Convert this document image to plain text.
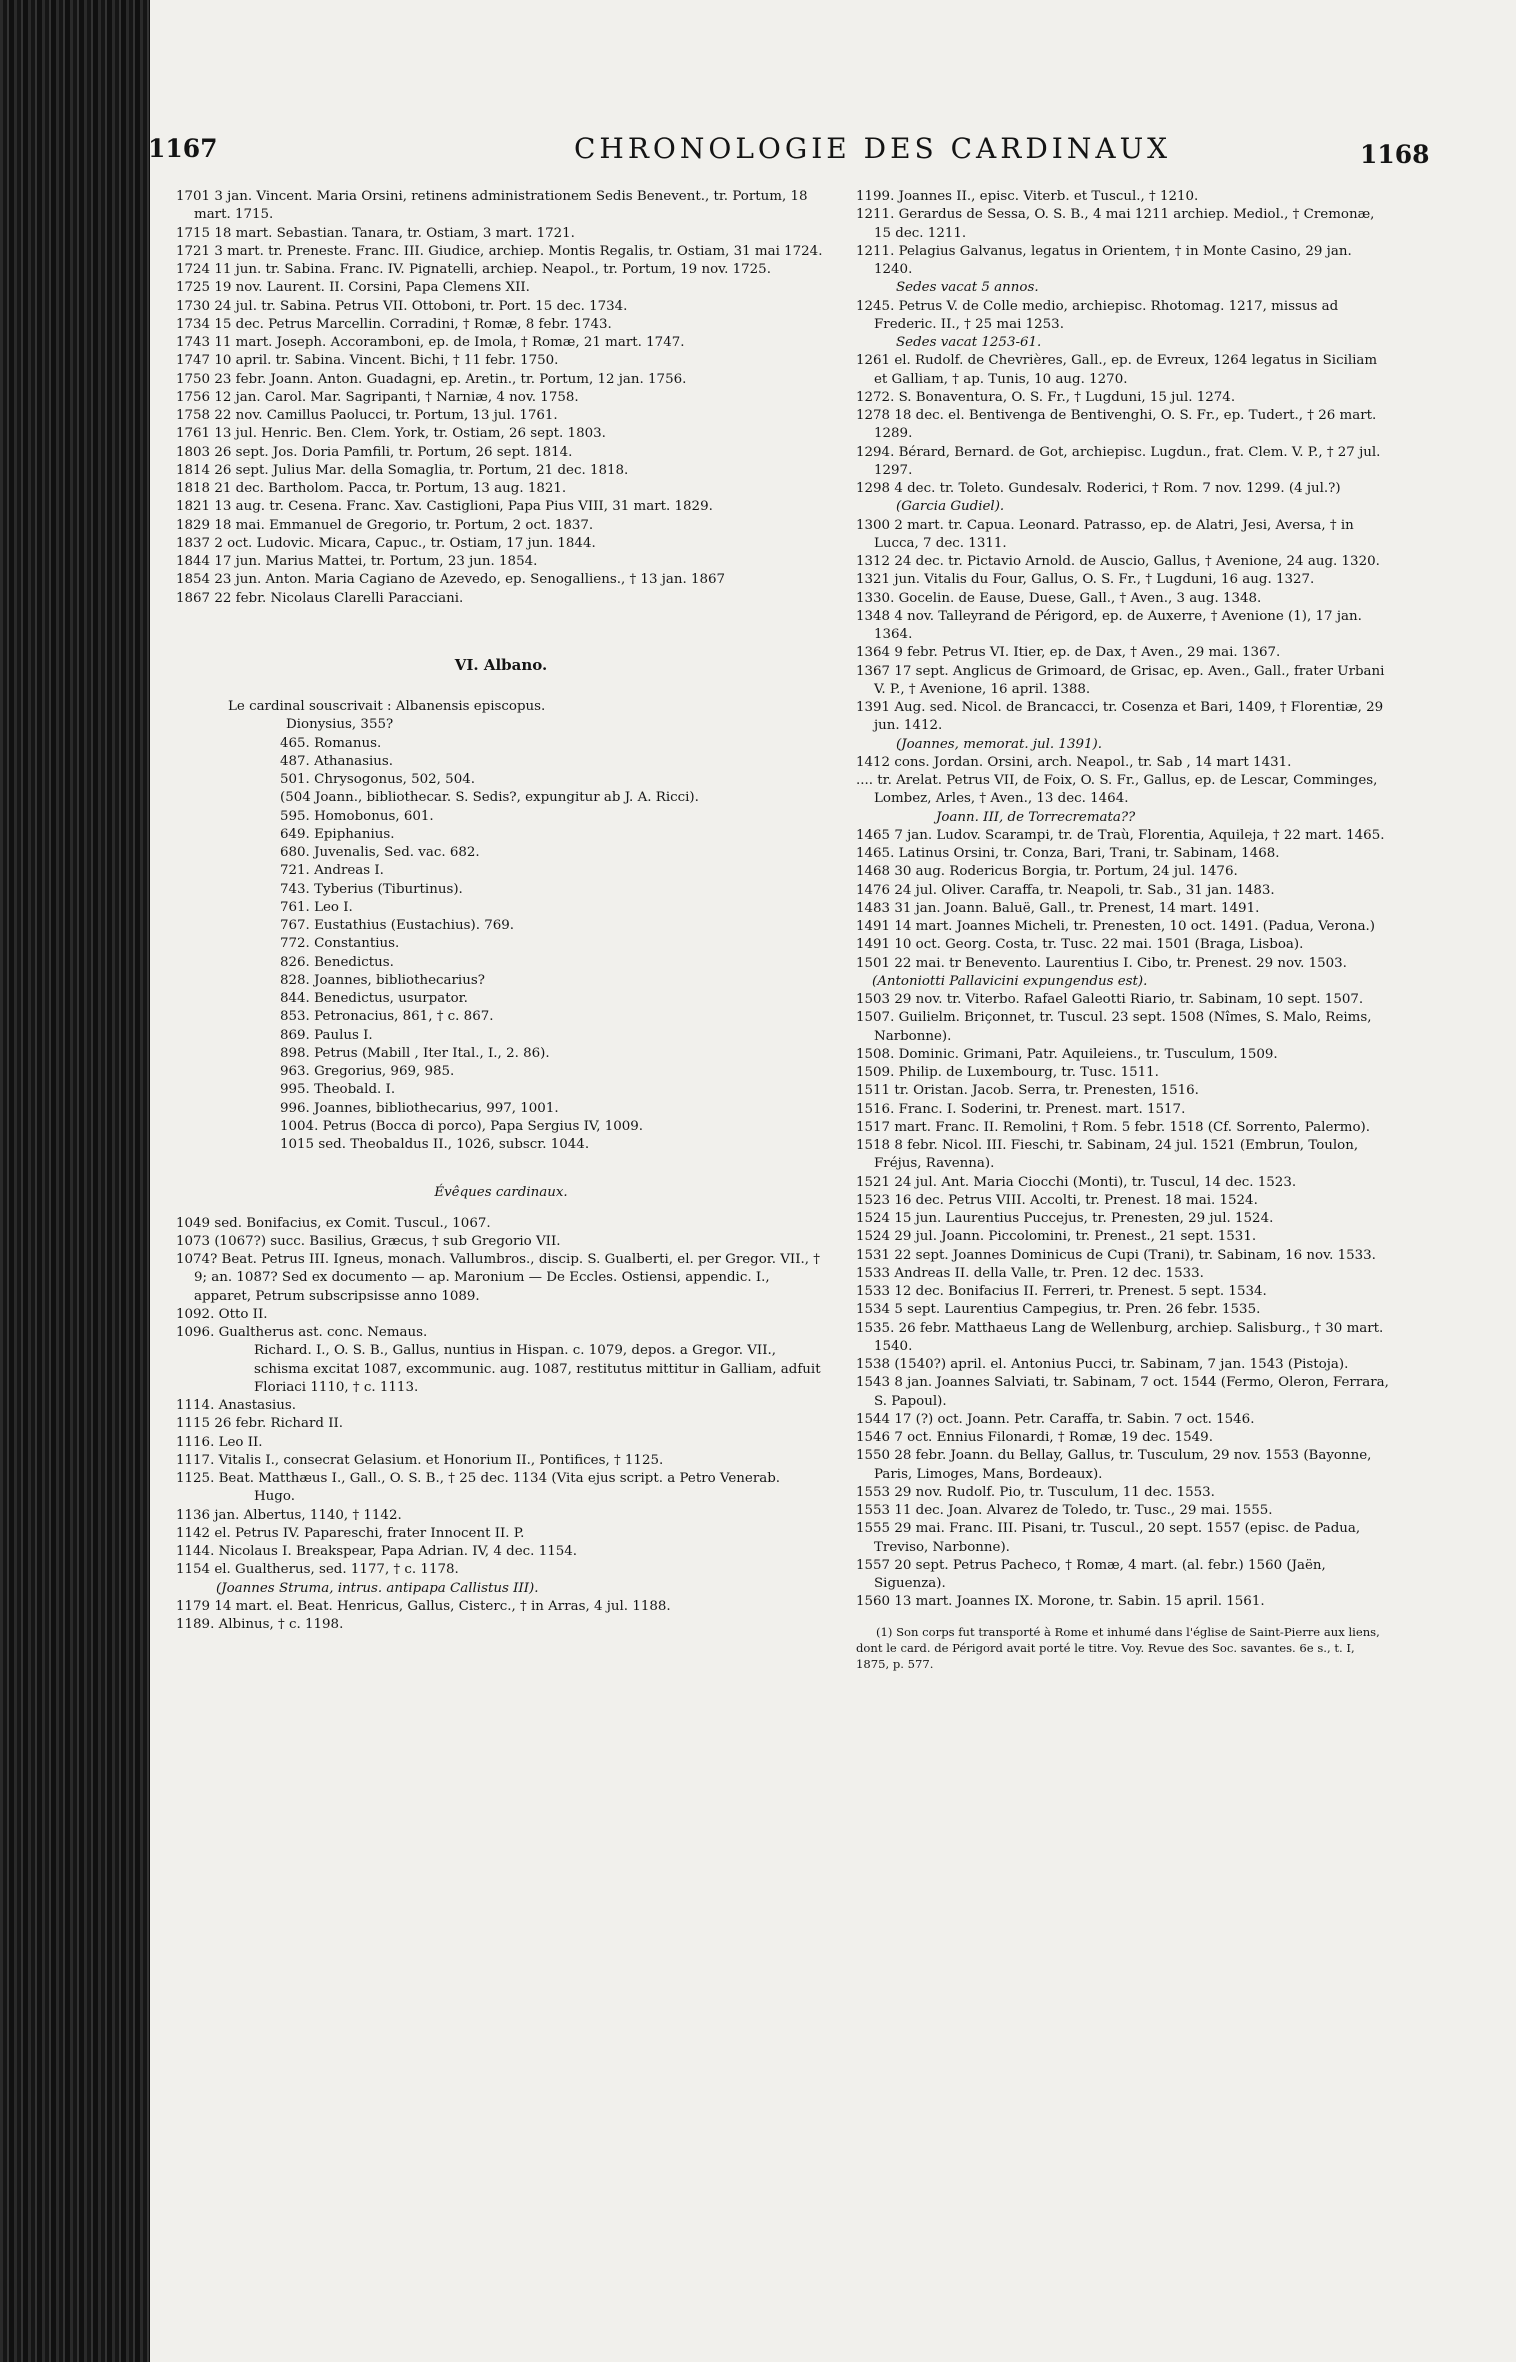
1167	CHRONOLOGIE DES CARDINAUX	1168

1701 3 jan. Vincent. Maria Orsini, retinens administrationem Sedis Benevent., tr. Portum, 18 mart. 1715.

1715 18 mart. Sebastian. Tanara, tr. Ostiam, 3 mart. 1721.

1721 3 mart. tr. Preneste. Franc. III. Giudice, archiep. Montis Regalis, tr. Ostiam, 31 mai 1724.

1724 11 jun. tr. Sabina. Franc. IV. Pignatelli, archiep. Neapol., tr. Portum, 19 nov. 1725.

1725 19 nov. Laurent. II. Corsini, Papa Clemens XII.

1730 24 jul. tr. Sabina. Petrus VII. Ottoboni, tr. Port. 15 dec. 1734.

1734 15 dec. Petrus Marcellin. Corradini, † Romæ, 8 febr. 1743.

1743 11 mart. Joseph. Accoramboni, ep. de Imola, † Romæ, 21 mart. 1747.

1747 10 april. tr. Sabina. Vincent. Bichi, † 11 febr. 1750.

1750 23 febr. Joann. Anton. Guadagni, ep. Aretin., tr. Portum, 12 jan. 1756.

1756 12 jan. Carol. Mar. Sagripanti, † Narniæ, 4 nov. 1758.

1758 22 nov. Camillus Paolucci, tr. Portum, 13 jul. 1761.

1761 13 jul. Henric. Ben. Clem. York, tr. Ostiam, 26 sept. 1803.

1803 26 sept. Jos. Doria Pamfili, tr. Portum, 26 sept. 1814.

1814 26 sept. Julius Mar. della Somaglia, tr. Portum, 21 dec. 1818.

1818 21 dec. Bartholom. Pacca, tr. Portum, 13 aug. 1821.

1821 13 aug. tr. Cesena. Franc. Xav. Castiglioni, Papa Pius VIII, 31 mart. 1829.

1829 18 mai. Emmanuel de Gregorio, tr. Portum, 2 oct. 1837.

1837 2 oct. Ludovic. Micara, Capuc., tr. Ostiam, 17 jun. 1844.

1844 17 jun. Marius Mattei, tr. Portum, 23 jun. 1854.

1854 23 jun. Anton. Maria Cagiano de Azevedo, ep. Senogalliens., † 13 jan. 1867

1867 22 febr. Nicolaus Clarelli Paracciani.

VI. Albano.

Le cardinal souscrivait : Albanensis episcopus.

Dionysius, 355?

465. Romanus.

487. Athanasius.

501. Chrysogonus, 502, 504.

(504 Joann., bibliothecar. S. Sedis?, expungitur ab J. A. Ricci).

595. Homobonus, 601.

649. Epiphanius.

680. Juvenalis, Sed. vac. 682.

721. Andreas I.

743. Tyberius (Tiburtinus).

761. Leo I.

767. Eustathius (Eustachius). 769.

772. Constantius.

826. Benedictus.

828. Joannes, bibliothecarius?

844. Benedictus, usurpator.

853. Petronacius, 861, † c. 867.

869. Paulus I.

898. Petrus (Mabill , Iter Ital., I., 2. 86).

963. Gregorius, 969, 985.

995. Theobald. I.

996. Joannes, bibliothecarius, 997, 1001.

1004. Petrus (Bocca di porco), Papa Sergius IV, 1009.

1015 sed. Theobaldus II., 1026, subscr. 1044.

Évêques cardinaux.

1049 sed. Bonifacius, ex Comit. Tuscul., 1067.

1073 (1067?) succ. Basilius, Græcus, † sub Gregorio VII.

1074? Beat. Petrus III. Igneus, monach. Vallumbros., discip. S. Gualberti, el. per Gregor. VII., † 9; an. 1087? Sed ex documento — ap. Maronium — De Eccles. Ostiensi, appendic. I., apparet, Petrum subscripsisse anno 1089.

1092. Otto II.

1096. Gualtherus ast. conc. Nemaus.

Richard. I., O. S. B., Gallus, nuntius in Hispan. c. 1079, depos. a Gregor. VII., schisma excitat 1087, excommunic. aug. 1087, restitutus mittitur in Galliam, adfuit Floriaci 1110, † c. 1113.

1114. Anastasius.

1115 26 febr. Richard II.

1116. Leo II.

1117. Vitalis I., consecrat Gelasium. et Honorium II., Pontifices, † 1125.

1125. Beat. Matthæus I., Gall., O. S. B., † 25 dec. 1134 (Vita ejus script. a Petro Venerab.

Hugo.

1136 jan. Albertus, 1140, † 1142.

1142 el. Petrus IV. Papareschi, frater Innocent II. P.

1144. Nicolaus I. Breakspear, Papa Adrian. IV, 4 dec. 1154.

1154 el. Gualtherus, sed. 1177, † c. 1178.

(Joannes Struma, intrus. antipapa Callistus III).

1179 14 mart. el. Beat. Henricus, Gallus, Cisterc., † in Arras, 4 jul. 1188.

1189. Albinus, † c. 1198.

1199. Joannes II., episc. Viterb. et Tuscul., † 1210.

1211. Gerardus de Sessa, O. S. B., 4 mai 1211 archiep. Mediol., † Cremonæ, 15 dec. 1211.

1211. Pelagius Galvanus, legatus in Orientem, † in Monte Casino, 29 jan. 1240.

Sedes vacat 5 annos.

1245. Petrus V. de Colle medio, archiepisc. Rhotomag. 1217, missus ad Frederic. II., † 25 mai 1253.

Sedes vacat 1253-61.

1261 el. Rudolf. de Chevrières, Gall., ep. de Evreux, 1264 legatus in Siciliam et Galliam, † ap. Tunis, 10 aug. 1270.

1272. S. Bonaventura, O. S. Fr., † Lugduni, 15 jul. 1274.

1278 18 dec. el. Bentivenga de Bentivenghi, O. S. Fr., ep. Tudert., † 26 mart. 1289.

1294. Bérard, Bernard. de Got, archiepisc. Lugdun., frat. Clem. V. P., † 27 jul. 1297.

1298 4 dec. tr. Toleto. Gundesalv. Roderici, † Rom. 7 nov. 1299. (4 jul.?)

(Garcia Gudiel).

1300 2 mart. tr. Capua. Leonard. Patrasso, ep. de Alatri, Jesi, Aversa, † in Lucca, 7 dec. 1311.

1312 24 dec. tr. Pictavio Arnold. de Auscio, Gallus, † Avenione, 24 aug. 1320.

1321 jun. Vitalis du Four, Gallus, O. S. Fr., † Lugduni, 16 aug. 1327.

1330. Gocelin. de Eause, Duese, Gall., † Aven., 3 aug. 1348.

1348 4 nov. Talleyrand de Périgord, ep. de Auxerre, † Avenione (1), 17 jan. 1364.

1364 9 febr. Petrus VI. Itier, ep. de Dax, † Aven., 29 mai. 1367.

1367 17 sept. Anglicus de Grimoard, de Grisac, ep. Aven., Gall., frater Urbani V. P., † Avenione, 16 april. 1388.

1391 Aug. sed. Nicol. de Brancacci, tr. Cosenza et Bari, 1409, † Florentiæ, 29 jun. 1412.

(Joannes, memorat. jul. 1391).

1412 cons. Jordan. Orsini, arch. Neapol., tr. Sab , 14 mart 1431.

.... tr. Arelat. Petrus VII, de Foix, O. S. Fr., Gallus, ep. de Lescar, Comminges, Lombez, Arles, † Aven., 13 dec. 1464.

Joann. III, de Torrecremata??

1465 7 jan. Ludov. Scarampi, tr. de Traù, Florentia, Aquileja, † 22 mart. 1465.

1465. Latinus Orsini, tr. Conza, Bari, Trani, tr. Sabinam, 1468.

1468 30 aug. Rodericus Borgia, tr. Portum, 24 jul. 1476.

1476 24 jul. Oliver. Caraffa, tr. Neapoli, tr. Sab., 31 jan. 1483.

1483 31 jan. Joann. Baluë, Gall., tr. Prenest, 14 mart. 1491.

1491 14 mart. Joannes Micheli, tr. Prenesten, 10 oct. 1491. (Padua, Verona.)

1491 10 oct. Georg. Costa, tr. Tusc. 22 mai. 1501 (Braga, Lisboa).

1501 22 mai. tr Benevento. Laurentius I. Cibo, tr. Prenest. 29 nov. 1503.

(Antoniotti Pallavicini expungendus est).

1503 29 nov. tr. Viterbo. Rafael Galeotti Riario, tr. Sabinam, 10 sept. 1507.

1507. Guilielm. Briçonnet, tr. Tuscul. 23 sept. 1508 (Nîmes, S. Malo, Reims, Narbonne).

1508. Dominic. Grimani, Patr. Aquileiens., tr. Tusculum, 1509.

1509. Philip. de Luxembourg, tr. Tusc. 1511.

1511 tr. Oristan. Jacob. Serra, tr. Prenesten, 1516.

1516. Franc. I. Soderini, tr. Prenest. mart. 1517.

1517 mart. Franc. II. Remolini, † Rom. 5 febr. 1518 (Cf. Sorrento, Palermo).

1518 8 febr. Nicol. III. Fieschi, tr. Sabinam, 24 jul. 1521 (Embrun, Toulon, Fréjus, Ravenna).

1521 24 jul. Ant. Maria Ciocchi (Monti), tr. Tuscul, 14 dec. 1523.

1523 16 dec. Petrus VIII. Accolti, tr. Prenest. 18 mai. 1524.

1524 15 jun. Laurentius Puccejus, tr. Prenesten, 29 jul. 1524.

1524 29 jul. Joann. Piccolomini, tr. Prenest., 21 sept. 1531.

1531 22 sept. Joannes Dominicus de Cupi (Trani), tr. Sabinam, 16 nov. 1533.

1533 Andreas II. della Valle, tr. Pren. 12 dec. 1533.

1533 12 dec. Bonifacius II. Ferreri, tr. Prenest. 5 sept. 1534.

1534 5 sept. Laurentius Campegius, tr. Pren. 26 febr. 1535.

1535. 26 febr. Matthaeus Lang de Wellenburg, archiep. Salisburg., † 30 mart. 1540.

1538 (1540?) april. el. Antonius Pucci, tr. Sabinam, 7 jan. 1543 (Pistoja).

1543 8 jan. Joannes Salviati, tr. Sabinam, 7 oct. 1544 (Fermo, Oleron, Ferrara, S. Papoul).

1544 17 (?) oct. Joann. Petr. Caraffa, tr. Sabin. 7 oct. 1546.

1546 7 oct. Ennius Filonardi, † Romæ, 19 dec. 1549.

1550 28 febr. Joann. du Bellay, Gallus, tr. Tusculum, 29 nov. 1553 (Bayonne, Paris, Limoges, Mans, Bordeaux).

1553 29 nov. Rudolf. Pio, tr. Tusculum, 11 dec. 1553.

1553 11 dec. Joan. Alvarez de Toledo, tr. Tusc., 29 mai. 1555.

1555 29 mai. Franc. III. Pisani, tr. Tuscul., 20 sept. 1557 (episc. de Padua, Treviso, Narbonne).

1557 20 sept. Petrus Pacheco, † Romæ, 4 mart. (al. febr.) 1560 (Jaën, Siguenza).

1560 13 mart. Joannes IX. Morone, tr. Sabin. 15 april. 1561.

(1) Son corps fut transporté à Rome et inhumé dans l'église de Saint-Pierre aux liens, dont le card. de Périgord avait porté le titre. Voy. Revue des Soc. savantes. 6e s., t. I, 1875, p. 577.
